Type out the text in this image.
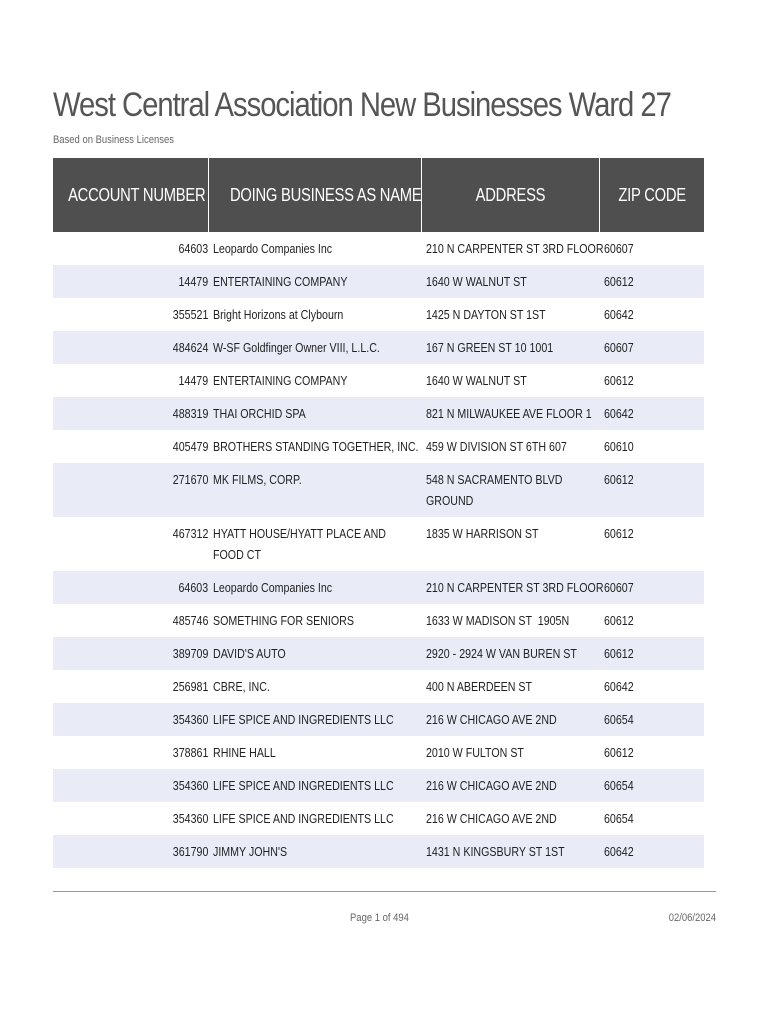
West Central Association New Businesses Ward 27
Based on Business Licenses
ACCOUNT NUMBER	DOING BUSINESS AS NAME	ADDRESS	ZIP CODE
64603	Leopardo Companies Inc	210 N CARPENTER ST 3RD FLOOR	60607
14479	ENTERTAINING COMPANY	1640 W WALNUT ST	60612
355521	Bright Horizons at Clybourn	1425 N DAYTON ST 1ST	60642
484624	W-SF Goldfinger Owner VIII, L.L.C.	167 N GREEN ST 10 1001	60607
14479	ENTERTAINING COMPANY	1640 W WALNUT ST	60612
488319	THAI ORCHID SPA	821 N MILWAUKEE AVE FLOOR 1	60642
405479	BROTHERS STANDING TOGETHER, INC.	459 W DIVISION ST 6TH 607	60610
271670	MK FILMS, CORP.	548 N SACRAMENTO BLVD GROUND	60612
467312	HYATT HOUSE/HYATT PLACE AND FOOD CT	1835 W HARRISON ST	60612
64603	Leopardo Companies Inc	210 N CARPENTER ST 3RD FLOOR	60607
485746	SOMETHING FOR SENIORS	1633 W MADISON ST  1905N	60612
389709	DAVID'S AUTO	2920 - 2924 W VAN BUREN ST	60612
256981	CBRE, INC.	400 N ABERDEEN ST	60642
354360	LIFE SPICE AND INGREDIENTS LLC	216 W CHICAGO AVE 2ND	60654
378861	RHINE HALL	2010 W FULTON ST	60612
354360	LIFE SPICE AND INGREDIENTS LLC	216 W CHICAGO AVE 2ND	60654
354360	LIFE SPICE AND INGREDIENTS LLC	216 W CHICAGO AVE 2ND	60654
361790	JIMMY JOHN'S	1431 N KINGSBURY ST 1ST	60642
Page 1 of 494	02/06/2024
